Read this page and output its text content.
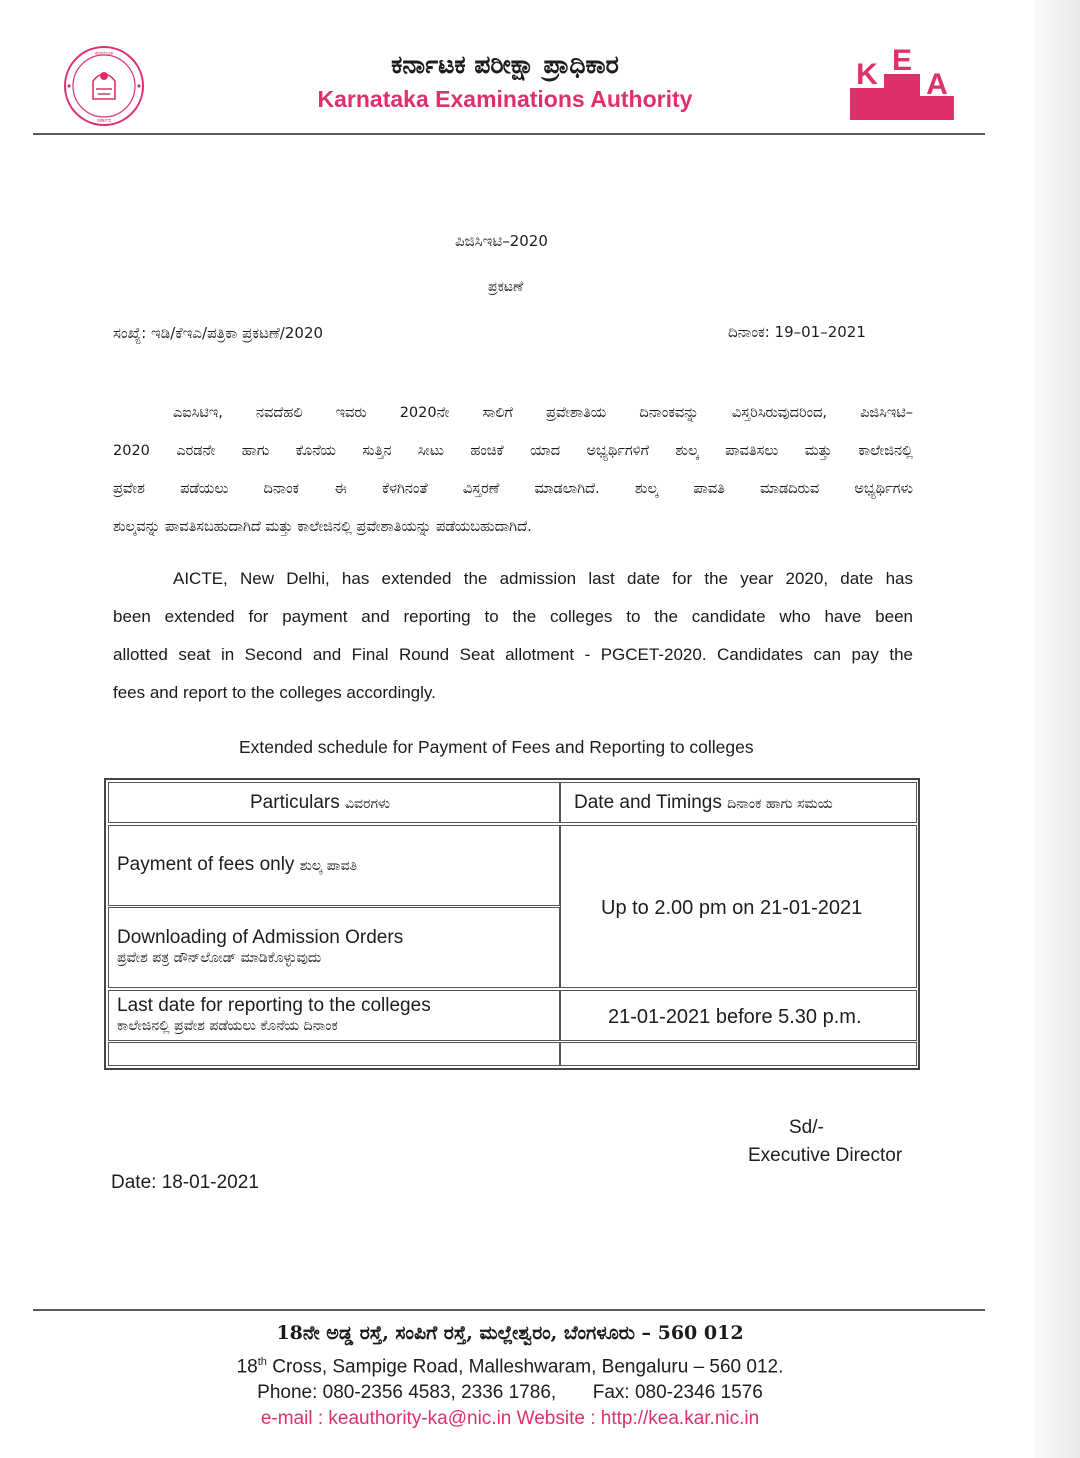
ಕರ್ನಾಟಕ
ಸರ್ಕಾರ
ಕರ್ನಾಟಕ ಪರೀಕ್ಷಾ ಪ್ರಾಧಿಕಾರ
Karnataka Examinations Authority
K E
A
ಪಿಜಿಸಿಇಟಿ–2020
ಪ್ರಕಟಣೆ
ಸಂಖ್ಯೆ: ಇಡಿ/ಕೆಇಎ/ಪತ್ರಿಕಾ ಪ್ರಕಟಣೆ/2020	ದಿನಾಂಕ: 19–01–2021

ಎಐಸಿಟಿಇ, ನವದೆಹಲಿ ಇವರು 2020ನೇ ಸಾಲಿಗೆ ಪ್ರವೇಶಾತಿಯ ದಿನಾಂಕವನ್ನು ವಿಸ್ತರಿಸಿರುವುದರಿಂದ, ಪಿಜಿಸಿಇಟಿ–

2020 ಎರಡನೇ ಹಾಗು ಕೊನೆಯ ಸುತ್ತಿನ ಸೀಟು ಹಂಚಿಕೆ ಯಾದ ಅಭ್ಯರ್ಥಿಗಳಿಗೆ ಶುಲ್ಕ ಪಾವತಿಸಲು ಮತ್ತು ಕಾಲೇಜಿನಲ್ಲಿ

ಪ್ರವೇಶ ಪಡೆಯಲು ದಿನಾಂಕ ಈ ಕೆಳಗಿನಂತೆ ವಿಸ್ತರಣೆ ಮಾಡಲಾಗಿದೆ. ಶುಲ್ಕ ಪಾವತಿ ಮಾಡದಿರುವ ಅಭ್ಯರ್ಥಿಗಳು

ಶುಲ್ಕವನ್ನು ಪಾವತಿಸಬಹುದಾಗಿದೆ ಮತ್ತು ಕಾಲೇಜಿನಲ್ಲಿ ಪ್ರವೇಶಾತಿಯನ್ನು ಪಡೆಯಬಹುದಾಗಿದೆ.

AICTE, New Delhi, has extended the admission last date for the year 2020, date has

been extended for payment and reporting to the colleges to the candidate who have been

allotted seat in Second and Final Round Seat allotment - PGCET-2020. Candidates can pay the

fees and report to the colleges accordingly.

Extended schedule for Payment of Fees and Reporting to colleges
Particulars ವಿವರಗಳು	Date and Timings ದಿನಾಂಕ ಹಾಗು ಸಮಯ
Payment of fees only ಶುಲ್ಕ ಪಾವತಿ
Downloading of Admission Orders
ಪ್ರವೇಶ ಪತ್ರ ಡೌನ್‌ಲೋಡ್ ಮಾಡಿಕೊಳ್ಳುವುದು
Up to 2.00 pm on 21-01-2021
Last date for reporting to the colleges
ಕಾಲೇಜಿನಲ್ಲಿ ಪ್ರವೇಶ ಪಡೆಯಲು ಕೊನೆಯ ದಿನಾಂಕ	21-01-2021 before 5.30 p.m.
Sd/-
Executive Director
Date: 18-01-2021
18ನೇ ಅಡ್ಡ ರಸ್ತೆ, ಸಂಪಿಗೆ ರಸ್ತೆ, ಮಲ್ಲೇಶ್ವರಂ, ಬೆಂಗಳೂರು – 560 012
18th Cross, Sampige Road, Malleshwaram, Bengaluru – 560 012.
Phone: 080-2356 4583, 2336 1786, Fax: 080-2346 1576
e-mail : keauthority-ka@nic.in Website : http://kea.kar.nic.in
